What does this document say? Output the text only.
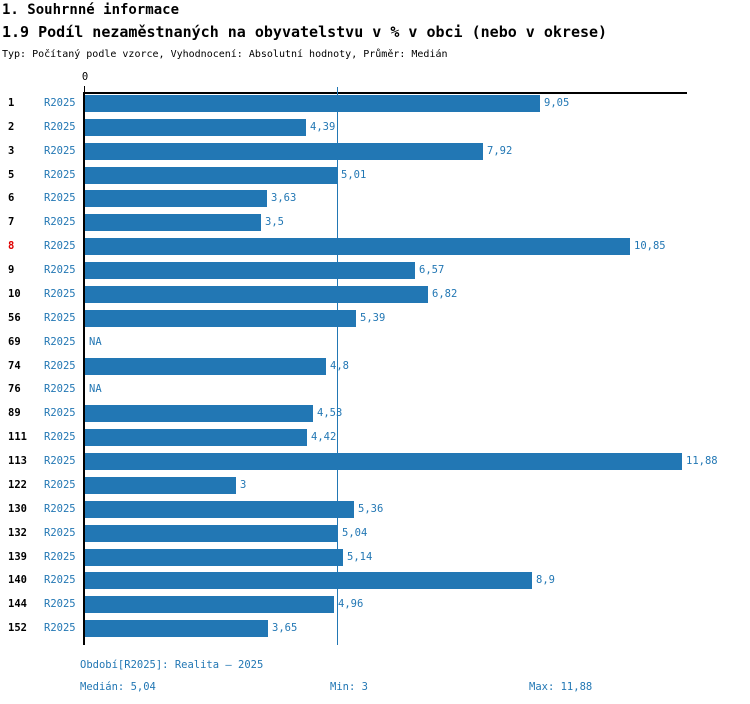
1. Souhrnné informace
1.9 Podíl nezaměstnaných na obyvatelstvu v % v obci (nebo v okrese)
Typ: Počítaný podle vzorce, Vyhodnocení: Absolutní hodnoty, Průměr: Medián
0
1	R2025	9,05
2	R2025	4,39
3	R2025	7,92
5	R2025	5,01
6	R2025	3,63
7	R2025	3,5
8	R2025	10,85
9	R2025	6,57
10 R2025	6,82
56 R2025	5,39
69 R2025 NA
74 R2025	4,8
76 R2025 NA
89 R2025	4,53
111 R2025	4,42
113 R2025	11,88
122 R2025	3
130 R2025	5,36
132 R2025	5,04
139 R2025	5,14
140 R2025	8,9
144 R2025	4,96
152 R2025	3,65
Období[R2025]: Realita – 2025
Medián: 5,04	Min: 3	Max: 11,88
